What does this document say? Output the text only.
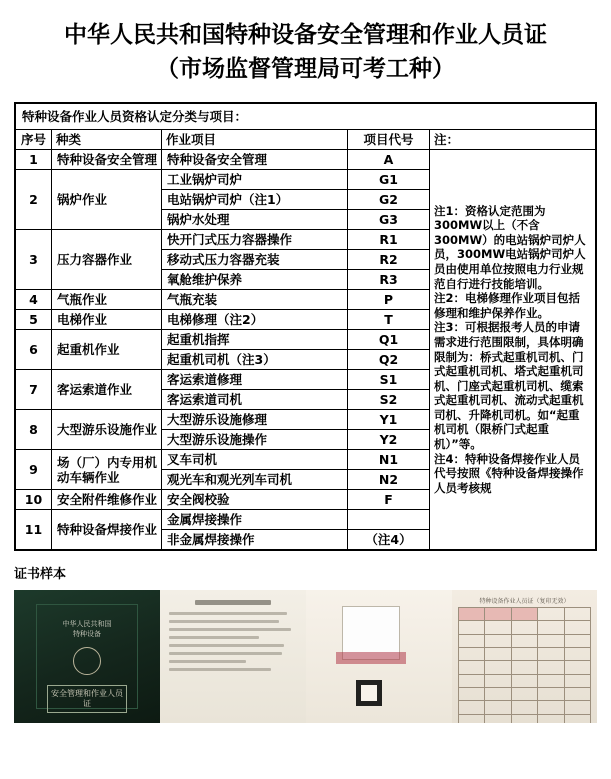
中华人民共和国特种设备安全管理和作业人员证
（市场监督管理局可考工种）
特种设备作业人员资格认定分类与项目：				
序号	种类	作业项目	项目代号	注：
1	特种设备安全管理	特种设备安全管理	A	注1：资格认定范围为300MW以上（不含300MW）的电站锅炉司炉人员，300MW电站锅炉司炉人员由使用单位按照电力行业规范自行进行技能培训。

注2：电梯修理作业项目包括修理和维护保养作业。

注3：可根据报考人员的申请需求进行范围限制，具体明确限制为：桥式起重机司机、门式起重机司机、塔式起重机司机、门座式起重机司机、缆索式起重机司机、流动式起重机司机、升降机司机。如“起重机司机（限桥门式起重机）”等。

注4：特种设备焊接作业人员代号按照《特种设备焊接操作人员考核规

2	锅炉作业	工业锅炉司炉	G1	
		电站锅炉司炉（注1）	G2	
		锅炉水处理	G3	
3	压力容器作业	快开门式压力容器操作	R1	
		移动式压力容器充装	R2	
		氧舱维护保养	R3	
4	气瓶作业	气瓶充装	P	
5	电梯作业	电梯修理（注2）	T	
6	起重机作业	起重机指挥	Q1	
		起重机司机（注3）	Q2	
7	客运索道作业	客运索道修理	S1	
		客运索道司机	S2	
8	大型游乐设施作业	大型游乐设施修理	Y1	
		大型游乐设施操作	Y2	
9	场（厂）内专用机动车辆作业	叉车司机	N1	
		观光车和观光列车司机	N2	
10	安全附件维修作业	安全阀校验	F	
11	特种设备焊接作业	金属焊接操作		
		非金属焊接操作	（注4）	
证书样本
中华人民共和国
特种设备
安全管理和作业人员证
特种设备作业人员证（复印无效）
